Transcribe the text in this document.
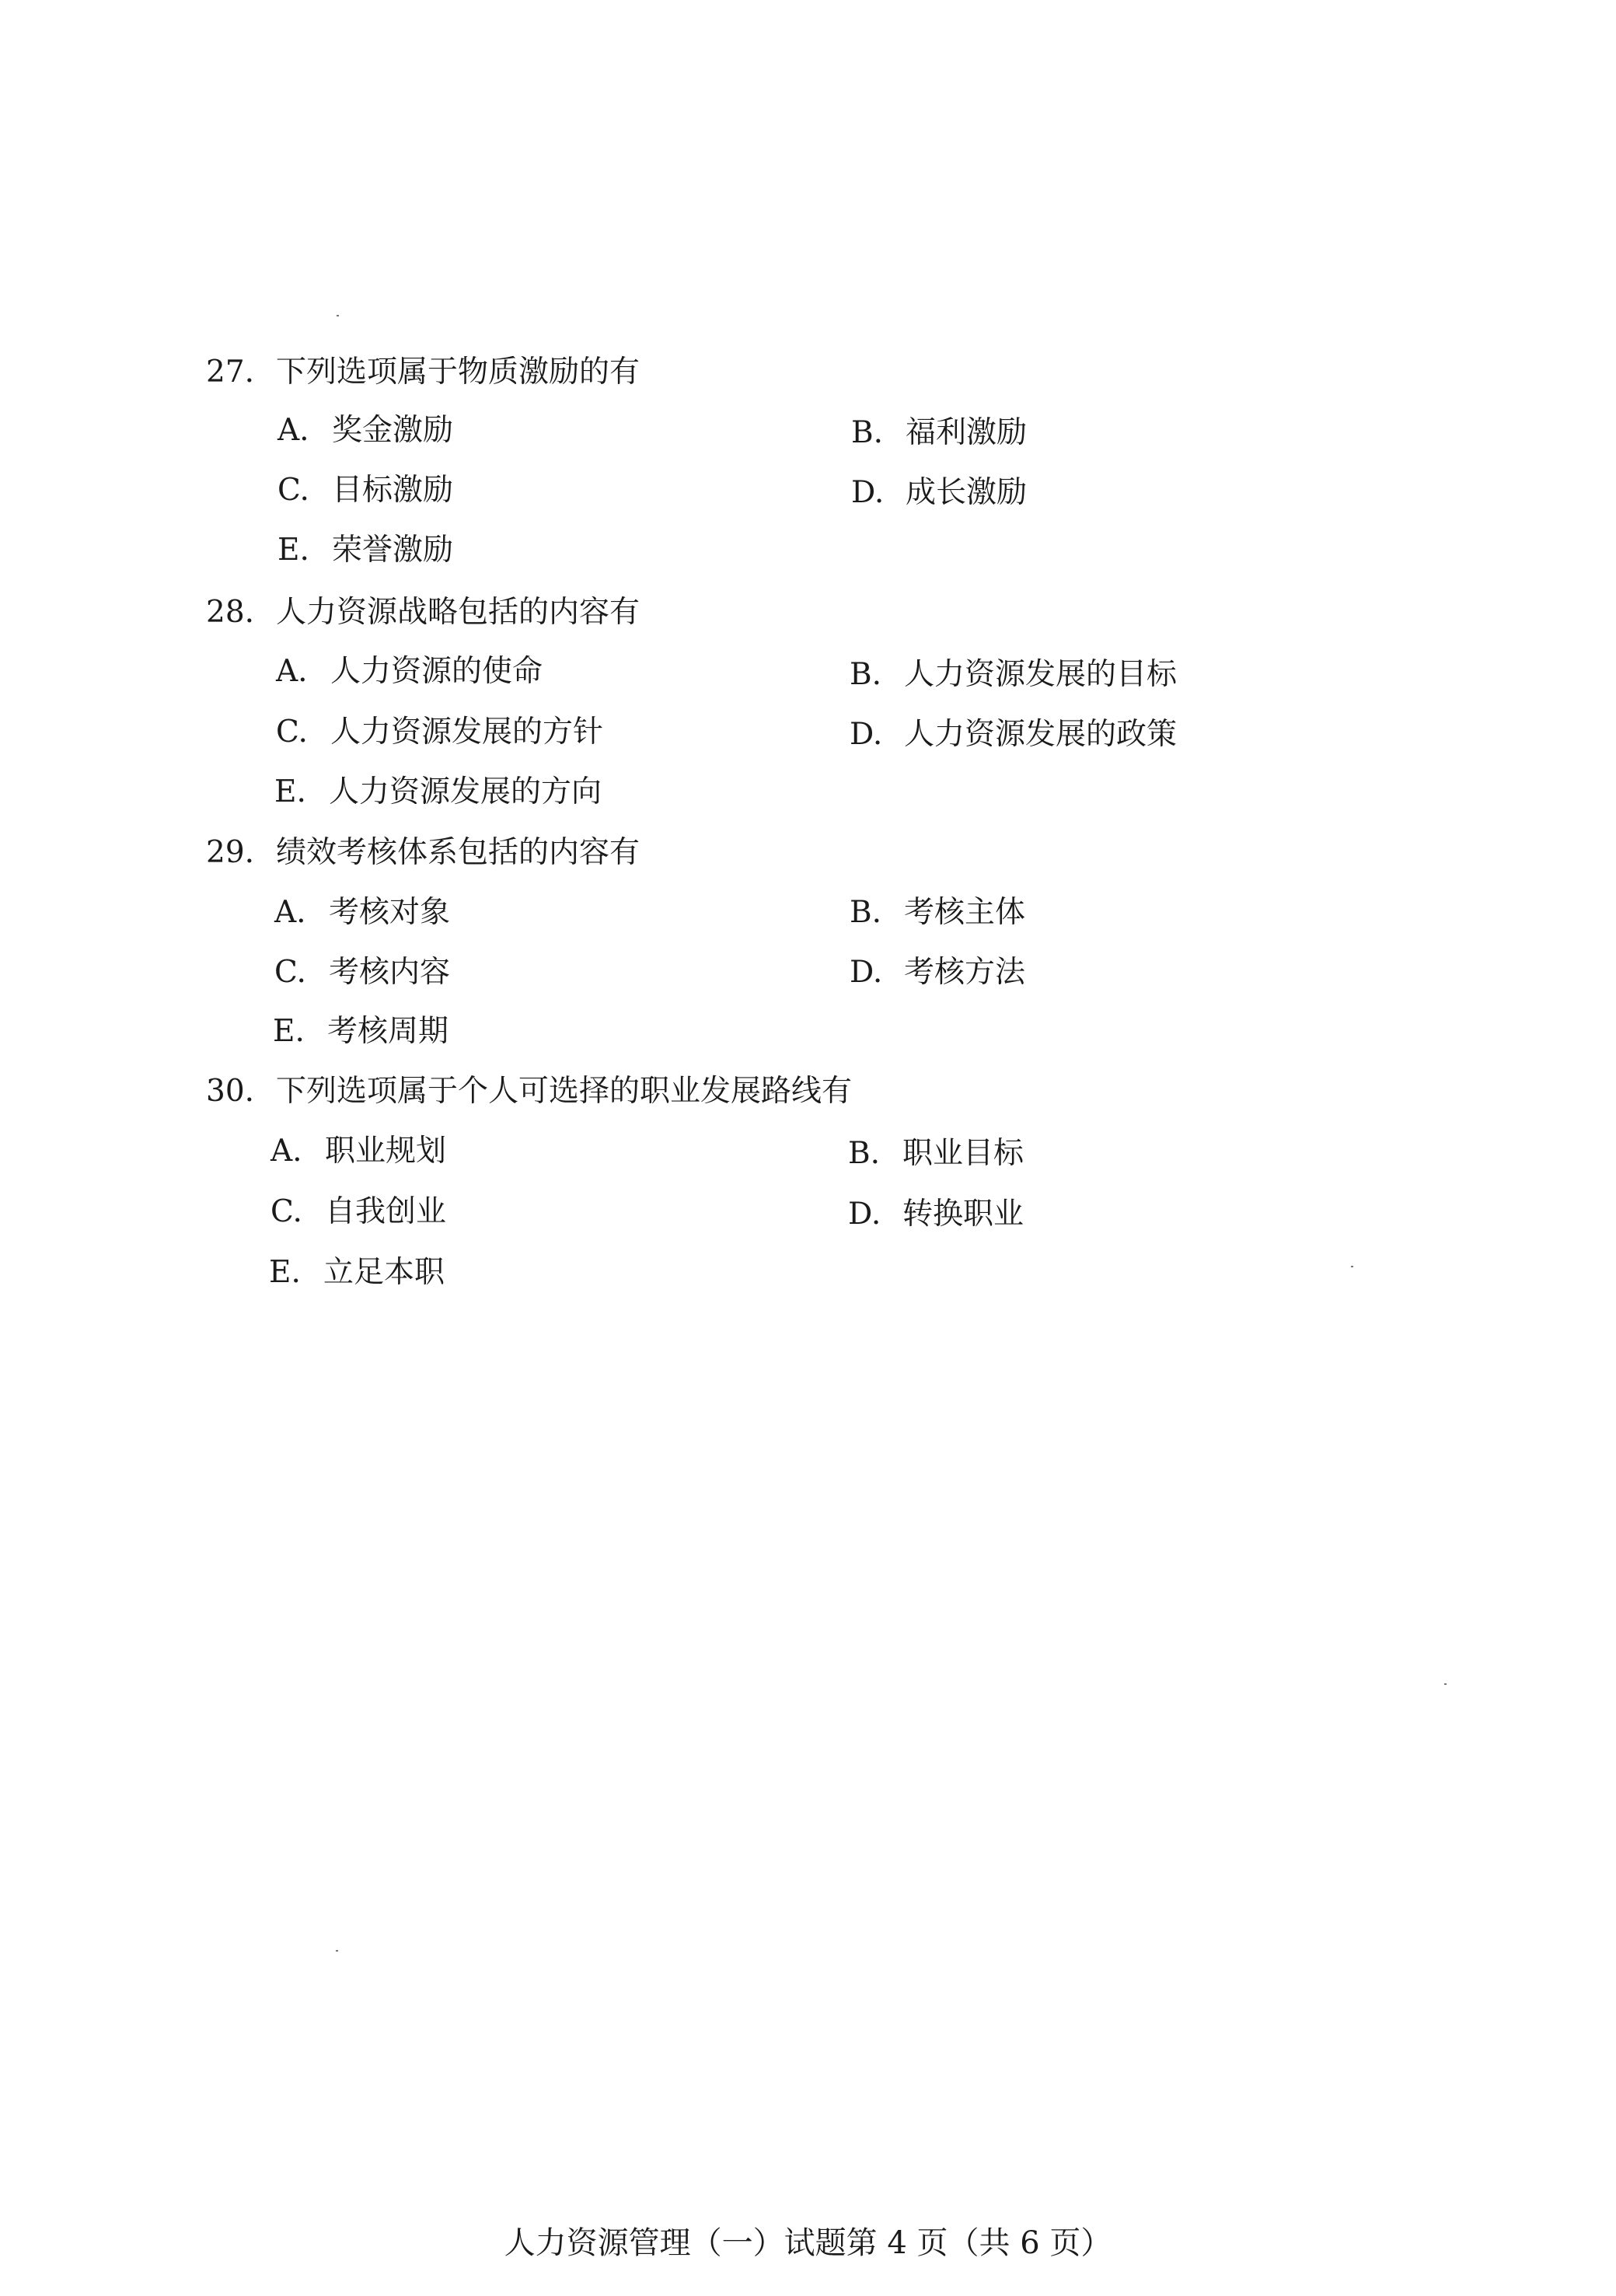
27. 下列选项属于物质激励的有
A. 奖金激励	B. 福利激励
C. 目标激励	D. 成长激励
E. 荣誉激励
28. 人力资源战略包括的内容有
A. 人力资源的使命	B. 人力资源发展的目标
C. 人力资源发展的方针	D. 人力资源发展的政策
E. 人力资源发展的方向
29. 绩效考核体系包括的内容有
A. 考核对象	B. 考核主体
C. 考核内容	D. 考核方法
E. 考核周期
30. 下列选项属于个人可选择的职业发展路线有
A. 职业规划	B. 职业目标
C. 自我创业	D. 转换职业
E. 立足本职
人力资源管理（一）试题第 4 页（共 6 页）
